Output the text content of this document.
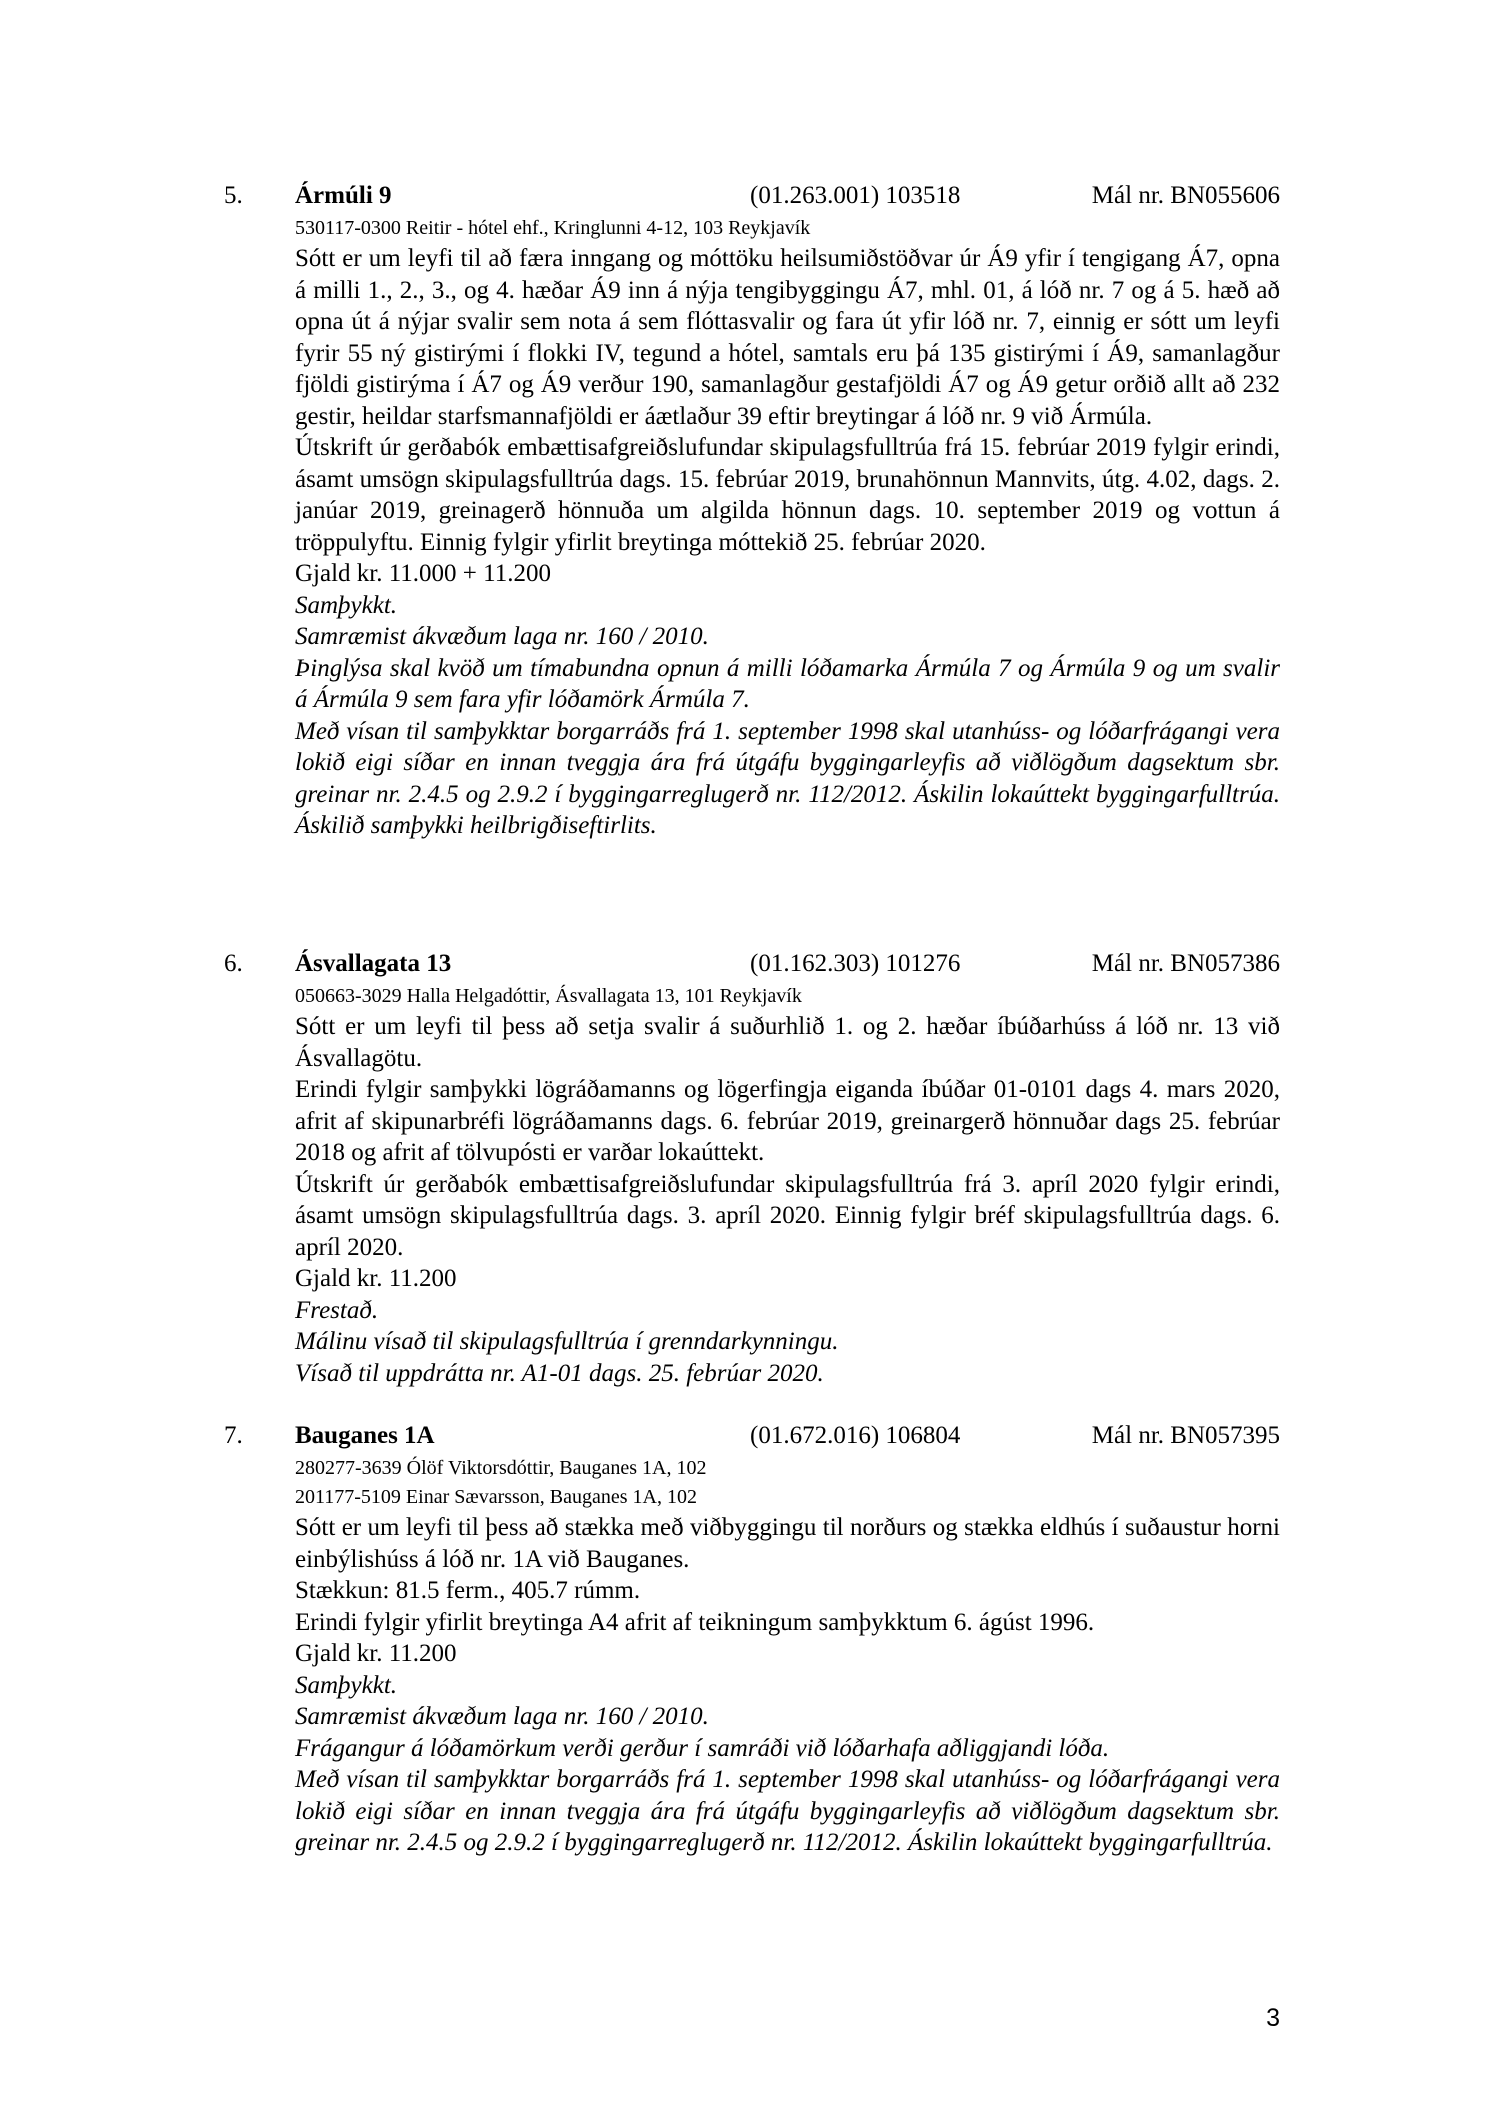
5. Ármúli 9	(01.263.001) 103518	Mál nr. BN055606
530117-0300 Reitir - hótel ehf., Kringlunni 4-12, 103 Reykjavík

Sótt er um leyfi til að færa inngang og móttöku heilsumiðstöðvar úr Á9 yfir í tengigang Á7, opna á milli 1., 2., 3., og 4. hæðar Á9 inn á nýja tengibyggingu Á7, mhl. 01, á lóð nr. 7 og á 5. hæð að opna út á nýjar svalir sem nota á sem flóttasvalir og fara út yfir lóð nr. 7, einnig er sótt um leyfi fyrir 55 ný gistirými í flokki IV, tegund a hótel, samtals eru þá 135 gistirými í Á9, samanlagður fjöldi gistirýma í Á7 og Á9 verður 190, samanlagður gestafjöldi Á7 og Á9 getur orðið allt að 232 gestir, heildar starfsmannafjöldi er áætlaður 39 eftir breytingar á lóð nr. 9 við Ármúla.

Útskrift úr gerðabók embættisafgreiðslufundar skipulagsfulltrúa frá 15. febrúar 2019 fylgir erindi, ásamt umsögn skipulagsfulltrúa dags. 15. febrúar 2019, brunahönnun Mannvits, útg. 4.02, dags. 2. janúar 2019, greinagerð hönnuða um algilda hönnun dags. 10. september 2019 og vottun á tröppulyftu. Einnig fylgir yfirlit breytinga móttekið 25. febrúar 2020.

Gjald kr. 11.000 + 11.200

Samþykkt.

Samræmist ákvæðum laga nr. 160 / 2010.

Þinglýsa skal kvöð um tímabundna opnun á milli lóðamarka Ármúla 7 og Ármúla 9 og um svalir á Ármúla 9 sem fara yfir lóðamörk Ármúla 7.

Með vísan til samþykktar borgarráðs frá 1. september 1998 skal utanhúss- og lóðarfrágangi vera lokið eigi síðar en innan tveggja ára frá útgáfu byggingarleyfis að viðlögðum dagsektum sbr. greinar nr. 2.4.5 og 2.9.2 í byggingarreglugerð nr. 112/2012. Áskilin lokaúttekt byggingarfulltrúa. Áskilið samþykki heilbrigðiseftirlits.

6. Ásvallagata 13	(01.162.303) 101276	Mál nr. BN057386
050663-3029 Halla Helgadóttir, Ásvallagata 13, 101 Reykjavík

Sótt er um leyfi til þess að setja svalir á suðurhlið 1. og 2. hæðar íbúðarhúss á lóð nr. 13 við Ásvallagötu.

Erindi fylgir samþykki lögráðamanns og lögerfingja eiganda íbúðar 01-0101 dags 4. mars 2020, afrit af skipunarbréfi lögráðamanns dags. 6. febrúar 2019, greinargerð hönnuðar dags 25. febrúar 2018 og afrit af tölvupósti er varðar lokaúttekt.

Útskrift úr gerðabók embættisafgreiðslufundar skipulagsfulltrúa frá 3. apríl 2020 fylgir erindi, ásamt umsögn skipulagsfulltrúa dags. 3. apríl 2020. Einnig fylgir bréf skipulagsfulltrúa dags. 6. apríl 2020.

Gjald kr. 11.200

Frestað.

Málinu vísað til skipulagsfulltrúa í grenndarkynningu.

Vísað til uppdrátta nr. A1-01 dags. 25. febrúar 2020.

7. Bauganes 1A	(01.672.016) 106804	Mál nr. BN057395
280277-3639 Ólöf Viktorsdóttir, Bauganes 1A, 102
201177-5109 Einar Sævarsson, Bauganes 1A, 102

Sótt er um leyfi til þess að stækka með viðbyggingu til norðurs og stækka eldhús í suðaustur horni einbýlishúss á lóð nr. 1A við Bauganes.

Stækkun: 81.5 ferm., 405.7 rúmm.

Erindi fylgir yfirlit breytinga A4 afrit af teikningum samþykktum 6. ágúst 1996.

Gjald kr. 11.200

Samþykkt.

Samræmist ákvæðum laga nr. 160 / 2010.

Frágangur á lóðamörkum verði gerður í samráði við lóðarhafa aðliggjandi lóða.

Með vísan til samþykktar borgarráðs frá 1. september 1998 skal utanhúss- og lóðarfrágangi vera lokið eigi síðar en innan tveggja ára frá útgáfu byggingarleyfis að viðlögðum dagsektum sbr. greinar nr. 2.4.5 og 2.9.2 í byggingarreglugerð nr. 112/2012. Áskilin lokaúttekt byggingarfulltrúa.

3
